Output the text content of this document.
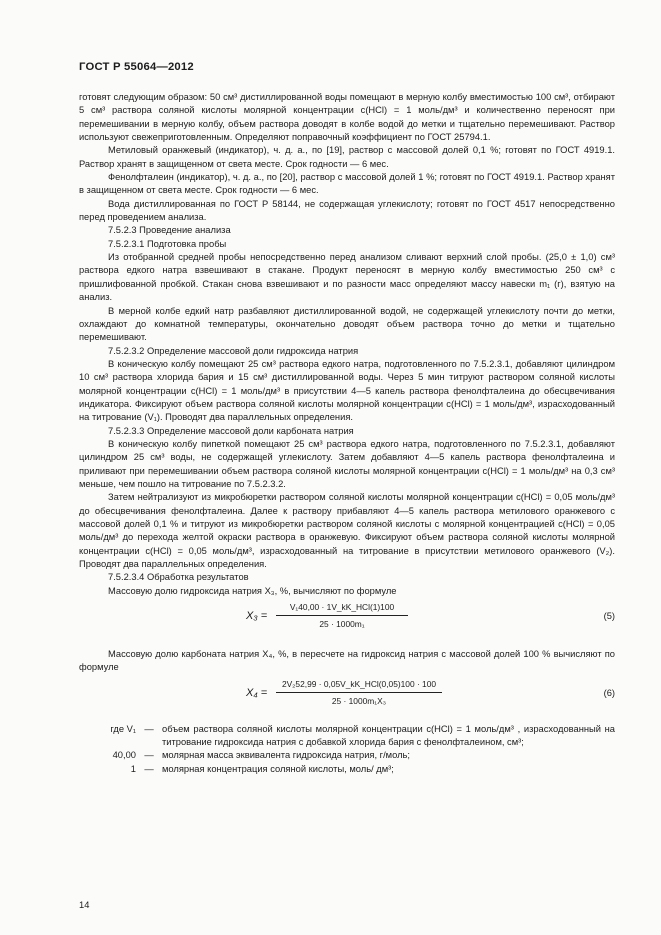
ГОСТ Р 55064—2012

готовят следующим образом: 50 см³ дистиллированной воды помещают в мерную колбу вместимостью 100 см³, отбирают 5 см³ раствора соляной кислоты молярной концентрации c(HCl) = 1 моль/дм³ и количественно переносят при перемешивании в мерную колбу, объем раствора доводят в колбе водой до метки и тщательно перемешивают. Раствор используют свежеприготовленным. Определяют поправочный коэффициент по ГОСТ 25794.1.

Метиловый оранжевый (индикатор), ч. д. а., по [19], раствор с массовой долей 0,1 %; готовят по ГОСТ 4919.1. Раствор хранят в защищенном от света месте. Срок годности — 6 мес.

Фенолфталеин (индикатор), ч. д. а., по [20], раствор с массовой долей 1 %; готовят по ГОСТ 4919.1. Раствор хранят в защищенном от света месте. Срок годности — 6 мес.

Вода дистиллированная по ГОСТ Р 58144, не содержащая углекислоту; готовят по ГОСТ 4517 непосредственно перед проведением анализа.

7.5.2.3 Проведение анализа

7.5.2.3.1 Подготовка пробы

Из отобранной средней пробы непосредственно перед анализом сливают верхний слой пробы. (25,0 ± 1,0) см³ раствора едкого натра взвешивают в стакане. Продукт переносят в мерную колбу вместимостью 250 см³ с пришлифованной пробкой. Стакан снова взвешивают и по разности масс определяют массу навески m₁ (г), взятую на анализ.

В мерной колбе едкий натр разбавляют дистиллированной водой, не содержащей углекислоту почти до метки, охлаждают до комнатной температуры, окончательно доводят объем раствора точно до метки и тщательно перемешивают.

7.5.2.3.2 Определение массовой доли гидроксида натрия

В коническую колбу помещают 25 см³ раствора едкого натра, подготовленного по 7.5.2.3.1, добавляют цилиндром 10 см³ раствора хлорида бария и 15 см³ дистиллированной воды. Через 5 мин титруют раствором соляной кислоты молярной концентрации c(HCl) = 1 моль/дм³ в присутствии 4—5 капель раствора фенолфталеина до обесцвечивания индикатора. Фиксируют объем раствора соляной кислоты молярной концентрации c(HCl) = 1 моль/дм³, израсходованный на титрование (V₁). Проводят два параллельных определения.

7.5.2.3.3 Определение массовой доли карбоната натрия

В коническую колбу пипеткой помещают 25 см³ раствора едкого натра, подготовленного по 7.5.2.3.1, добавляют цилиндром 25 см³ воды, не содержащей углекислоту. Затем добавляют 4—5 капель раствора фенолфталеина и приливают при перемешивании объем раствора соляной кислоты молярной концентрации c(HCl) = 1 моль/дм³ на 0,3 см³ меньше, чем пошло на титрование по 7.5.2.3.2.

Затем нейтрализуют из микробюретки раствором соляной кислоты молярной концентрации c(HCl) = 0,05 моль/дм³ до обесцвечивания фенолфталеина. Далее к раствору прибавляют 4—5 капель раствора метилового оранжевого с массовой долей 0,1 % и титруют из микробюретки раствором соляной кислоты с молярной концентрацией c(HCl) = 0,05 моль/дм³ до перехода желтой окраски раствора в оранжевую. Фиксируют объем раствора соляной кислоты молярной концентрации c(HCl) = 0,05 моль/дм³, израсходованный на титрование в присутствии метилового оранжевого (V₂). Проводят два параллельных определения.

7.5.2.3.4 Обработка результатов

Массовую долю гидроксида натрия X₃, %, вычисляют по формуле

X₃ =
V₁40,00 · 1V_kK_HCl(1)100
25 · 1000m₁
(5)

Массовую долю карбоната натрия X₄, %, в пересчете на гидроксид натрия с массовой долей 100 % вычисляют по формуле

X₄ =
2V₂52,99 · 0,05V_kK_HCl(0,05)100 · 100
25 · 1000m₁X₃
(6)
где V₁ — объем раствора соляной кислоты молярной концентрации c(HCl) = 1 моль/дм³ , израсходованный на титрование гидроксида натрия с добавкой хлорида бария с фенолфталеином, см³;
40,00 — молярная масса эквивалента гидроксида натрия, г/моль;
1 — молярная концентрация соляной кислоты, моль/ дм³;
14
